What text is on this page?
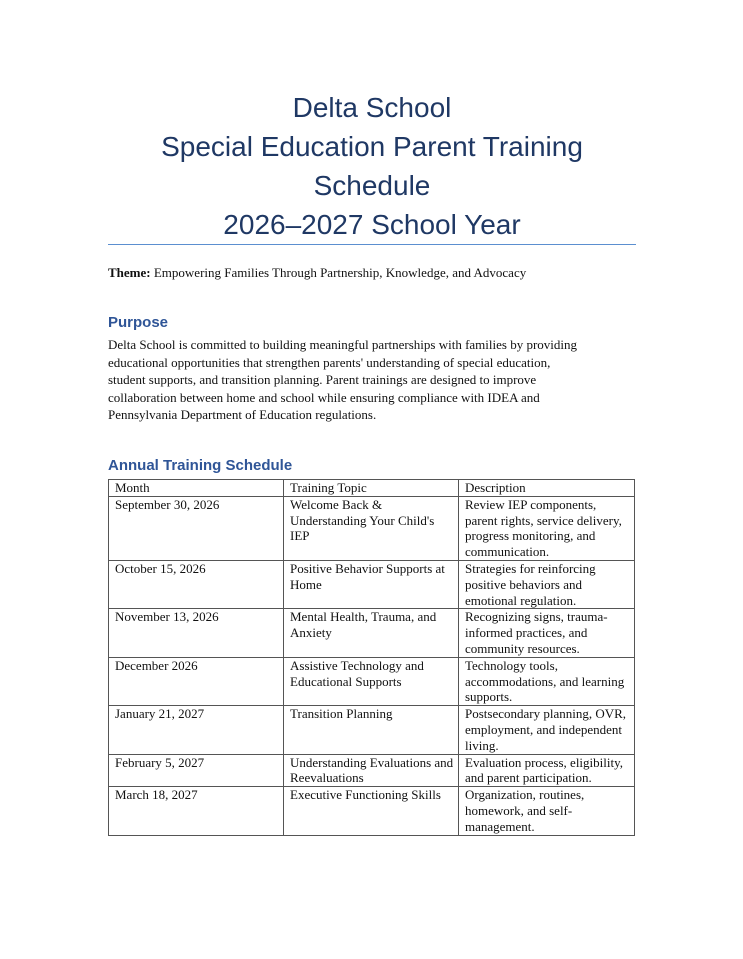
Delta School
Special Education Parent Training
Schedule
2026–2027 School Year
Theme: Empowering Families Through Partnership, Knowledge, and Advocacy
Purpose
Delta School is committed to building meaningful partnerships with families by providing
educational opportunities that strengthen parents' understanding of special education,
student supports, and transition planning. Parent trainings are designed to improve
collaboration between home and school while ensuring compliance with IDEA and
Pennsylvania Department of Education regulations.
Annual Training Schedule
Month	Training Topic	Description
September 30, 2026	Welcome Back & Understanding Your Child's IEP	Review IEP components, parent rights, service delivery, progress monitoring, and communication.
October 15, 2026	Positive Behavior Supports at Home	Strategies for reinforcing positive behaviors and emotional regulation.
November 13, 2026	Mental Health, Trauma, and Anxiety	Recognizing signs, trauma-informed practices, and community resources.
December 2026	Assistive Technology and Educational Supports	Technology tools, accommodations, and learning supports.
January 21, 2027	Transition Planning	Postsecondary planning, OVR, employment, and independent living.
February 5, 2027	Understanding Evaluations and Reevaluations	Evaluation process, eligibility, and parent participation.
March 18, 2027	Executive Functioning Skills	Organization, routines, homework, and self-management.
